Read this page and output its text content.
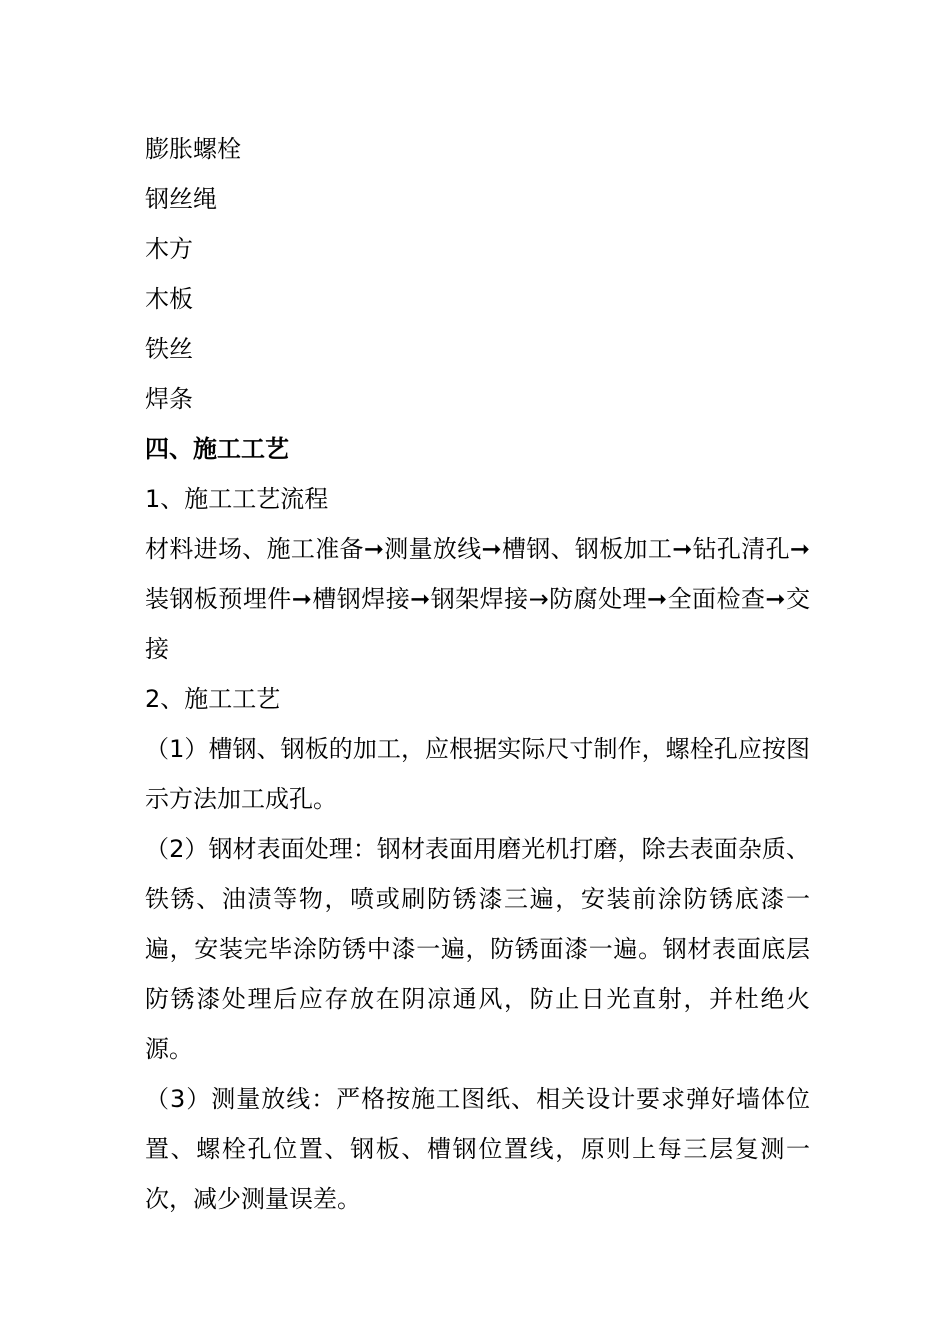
膨胀螺栓
钢丝绳
木方
木板
铁丝
焊条
四、施工工艺
1、施工工艺流程

材料进场、施工准备➞测量放线➞槽钢、钢板加工➞钻孔清孔➞装钢板预埋件➞槽钢焊接➞钢架焊接→防腐处理➞全面检查➞交接

2、施工工艺

（1）槽钢、钢板的加工，应根据实际尺寸制作，螺栓孔应按图示方法加工成孔。

（2）钢材表面处理：钢材表面用磨光机打磨，除去表面杂质、铁锈、油渍等物，喷或刷防锈漆三遍，安装前涂防锈底漆一遍，安装完毕涂防锈中漆一遍，防锈面漆一遍。钢材表面底层防锈漆处理后应存放在阴凉通风，防止日光直射，并杜绝火源。

（3）测量放线：严格按施工图纸、相关设计要求弹好墙体位置、螺栓孔位置、钢板、槽钢位置线，原则上每三层复测一次，减少测量误差。
